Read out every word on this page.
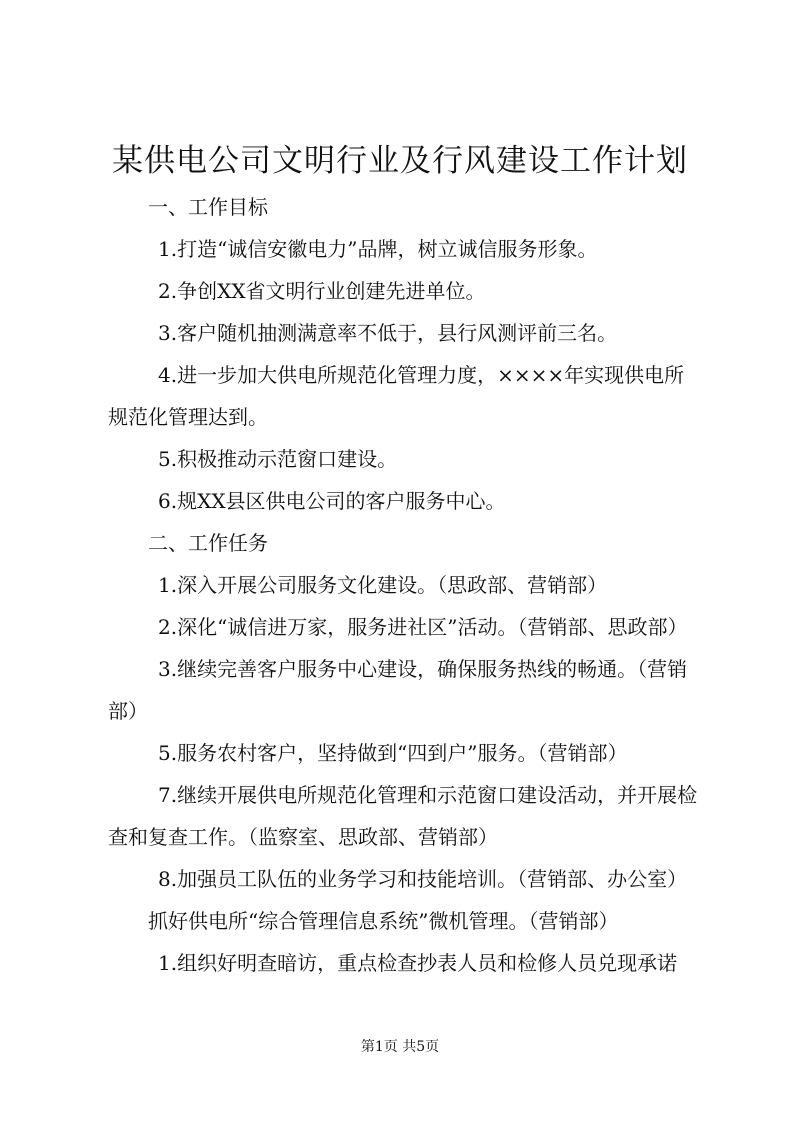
某供电公司文明行业及行风建设工作计划

一、工作目标

1.打造“诚信安徽电力”品牌，树立诚信服务形象。

2.争创XX省文明行业创建先进单位。

3.客户随机抽测满意率不低于，县行风测评前三名。

4.进一步加大供电所规范化管理力度，××××年实现供电所规范化管理达到。

5.积极推动示范窗口建设。

6.规XX县区供电公司的客户服务中心。

二、工作任务

1.深入开展公司服务文化建设。（思政部、营销部）

2.深化“诚信进万家，服务进社区”活动。（营销部、思政部）

3.继续完善客户服务中心建设，确保服务热线的畅通。（营销部）

5.服务农村客户，坚持做到“四到户”服务。（营销部）

7.继续开展供电所规范化管理和示范窗口建设活动，并开展检查和复查工作。（监察室、思政部、营销部）

8.加强员工队伍的业务学习和技能培训。（营销部、办公室）

抓好供电所“综合管理信息系统”微机管理。（营销部）

1.组织好明查暗访，重点检查抄表人员和检修人员兑现承诺

第1页 共5页
